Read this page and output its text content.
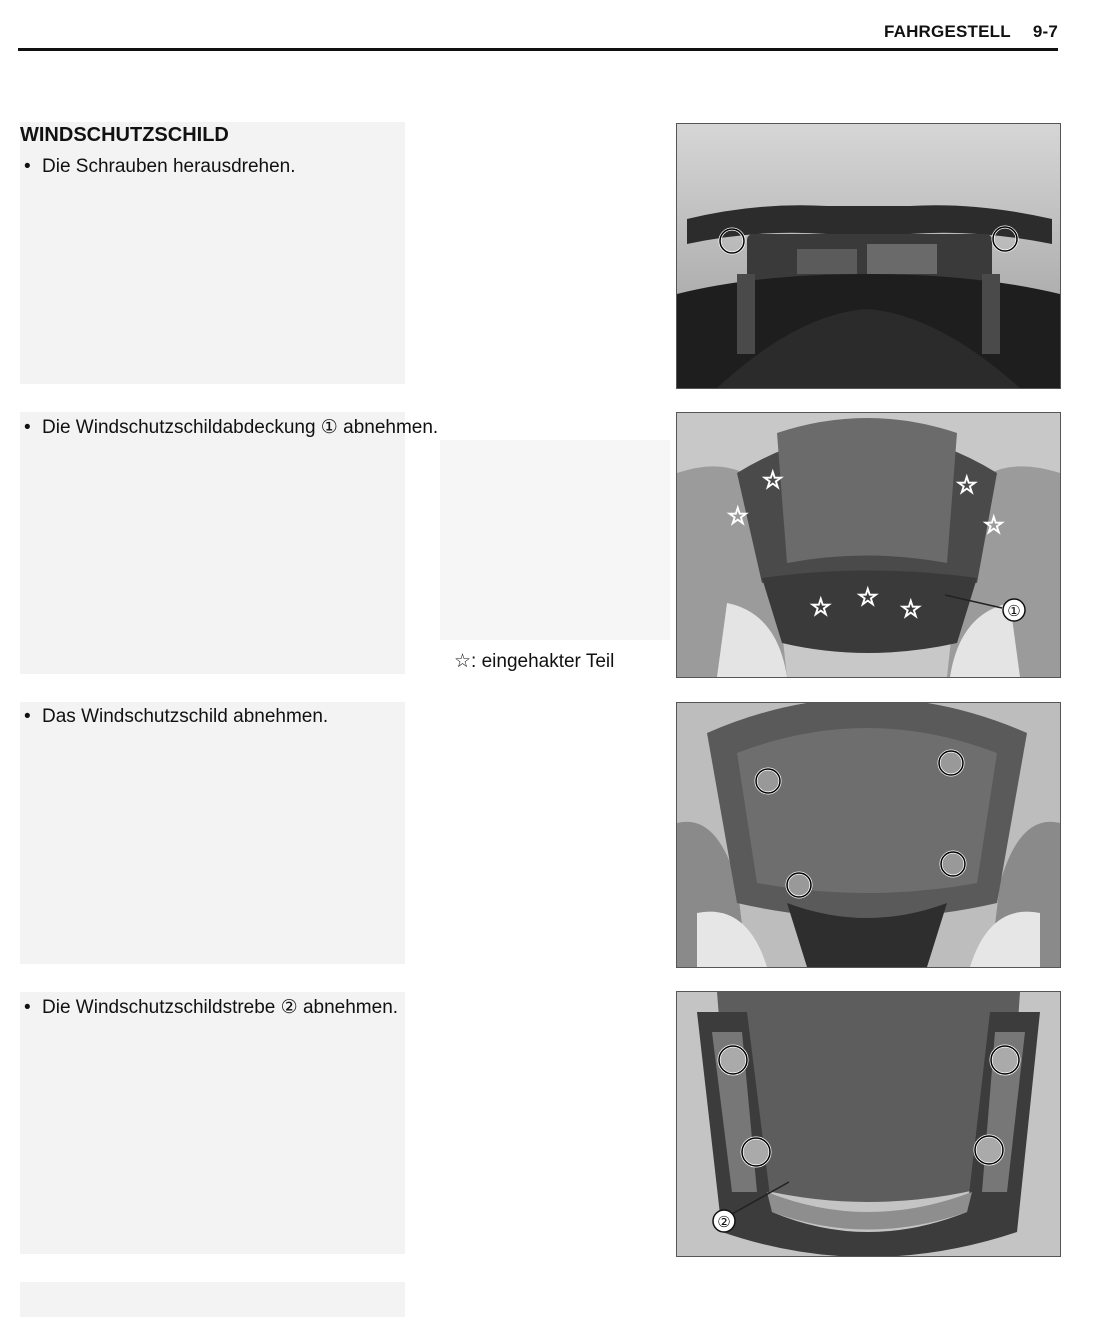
FAHRGESTELL 9-7
WINDSCHUTZSCHILD
• Die Schrauben herausdrehen.
• Die Windschutzschildabdeckung ① abnehmen.
• Das Windschutzschild abnehmen.
• Die Windschutzschildstrebe ② abnehmen.
☆: eingehakter Teil
☆
☆
☆
☆
☆ ☆ ☆	①
②
